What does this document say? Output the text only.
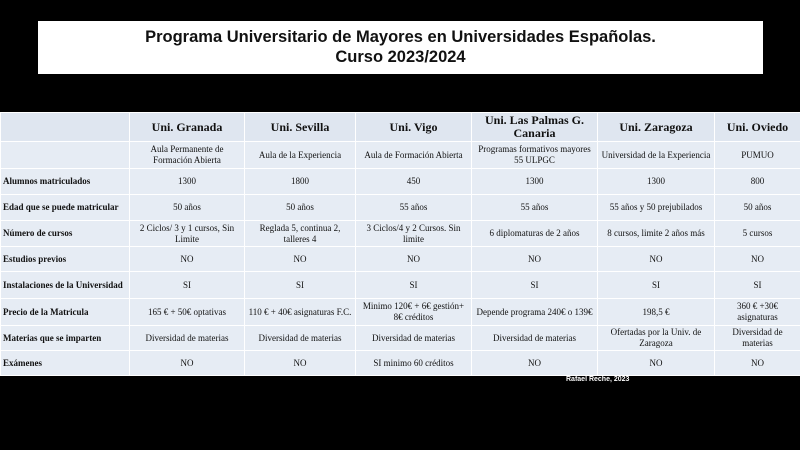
Programa Universitario de Mayores en Universidades Españolas.
Curso 2023/2024
	Uni. Granada	Uni. Sevilla	Uni. Vigo	Uni. Las Palmas G. Canaria	Uni. Zaragoza	Uni. Oviedo
	Aula Permanente de Formación Abierta	Aula de la Experiencia	Aula de Formación Abierta	Programas formativos mayores 55 ULPGC	Universidad de la Experiencia	PUMUO
Alumnos matriculados	1300	1800	450	1300	1300	800
Edad que se puede matricular	50 años	50 años	55 años	55 años	55 años y 50 prejubilados	50 años
Número de cursos	2 Ciclos/ 3 y 1 cursos, Sin Limite	Reglada 5, continua 2, talleres 4	3 Ciclos/4 y 2 Cursos. Sin limite	6 diplomaturas de 2 años	8 cursos, limite 2 años más	5 cursos
Estudios previos	NO	NO	NO	NO	NO	NO
Instalaciones de la Universidad	SI	SI	SI	SI	SI	SI
Precio de la Matricula	165 € + 50€ optativas	110 € + 40€ asignaturas F.C.	Minimo 120€ + 6€ gestión+ 8€ créditos	Depende programa 240€ o 139€	198,5 €	360 € +30€ asignaturas
Materias que se imparten	Diversidad de materias	Diversidad de materias	Diversidad de materias	Diversidad de materias	Ofertadas por la Univ. de Zaragoza	Diversidad de materias
Exámenes	NO	NO	SI minimo 60 créditos	NO	NO	NO
Rafael Reche, 2023
